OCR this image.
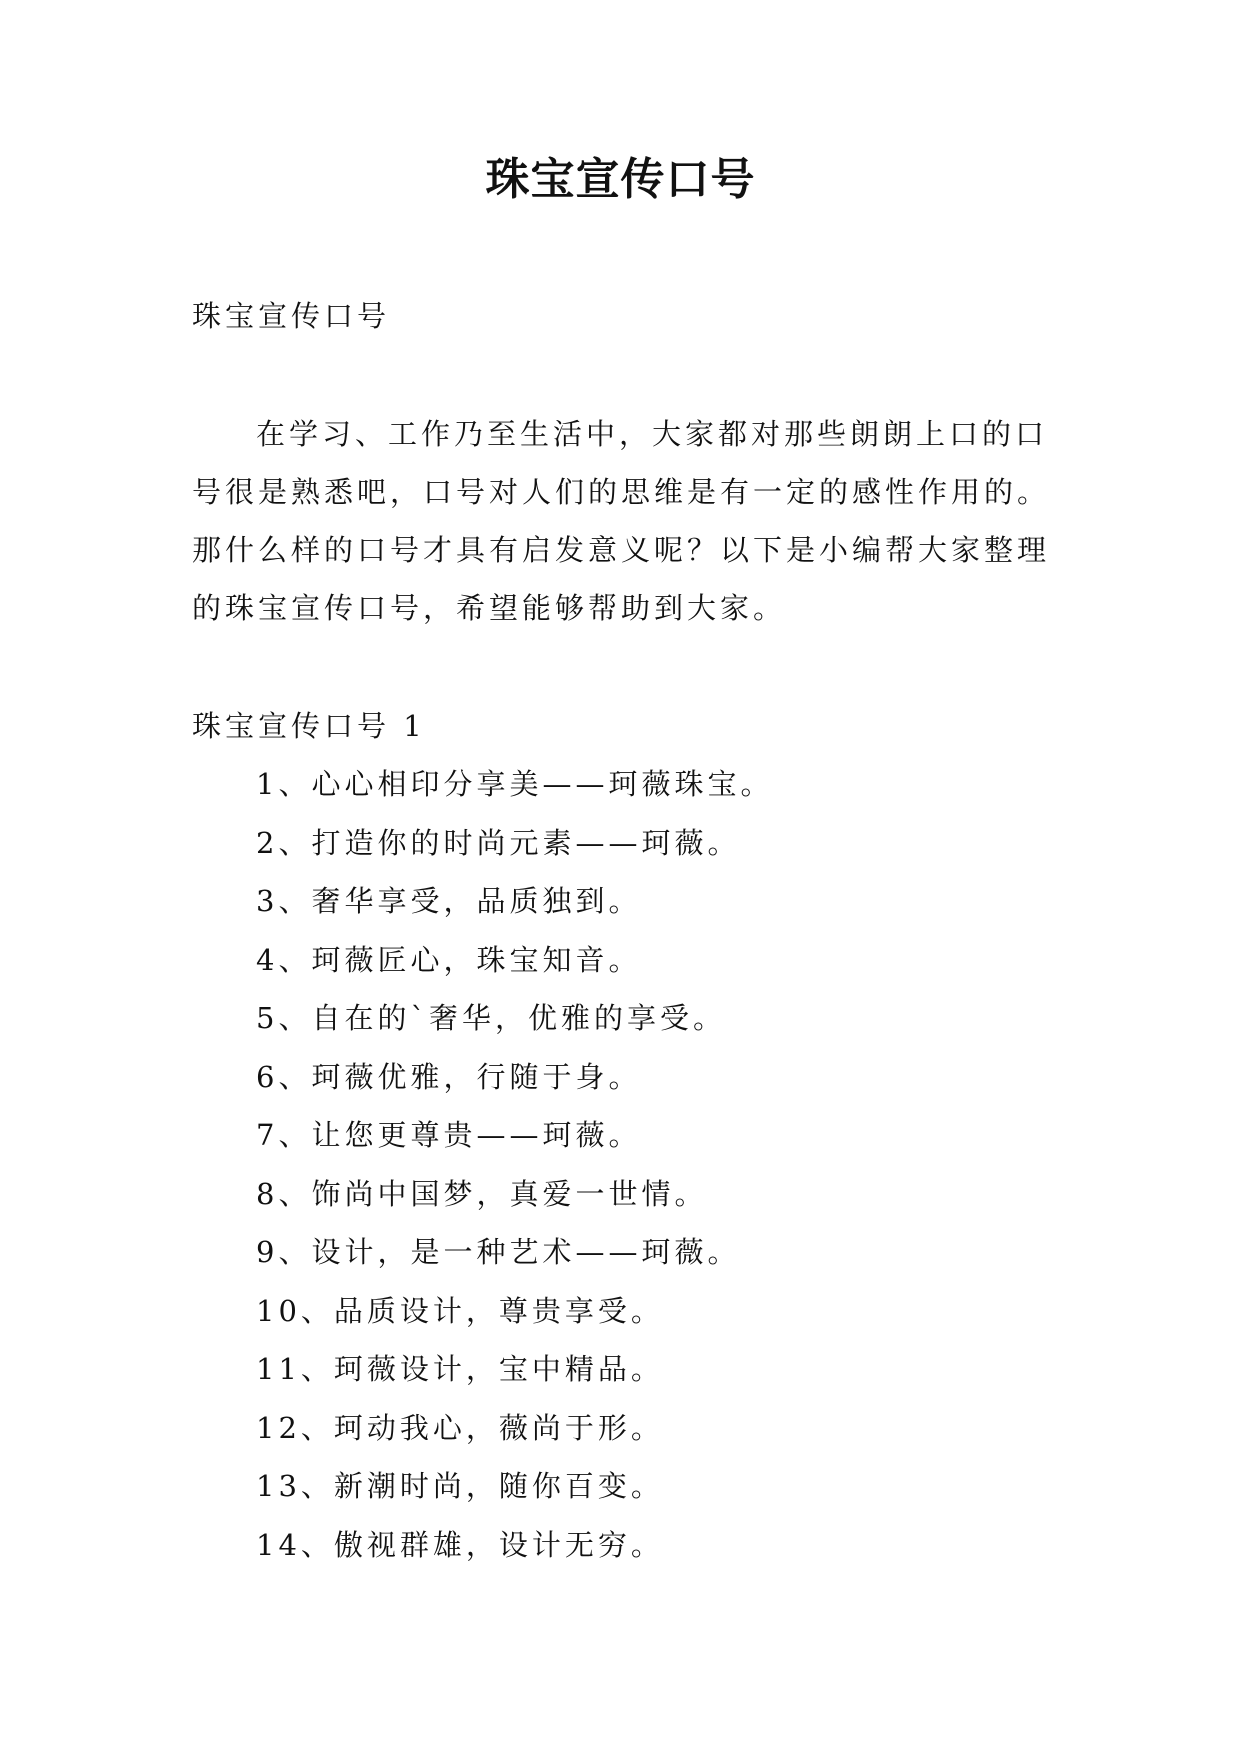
珠宝宣传口号

珠宝宣传口号

在学习、工作乃至生活中，大家都对那些朗朗上口的口号很是熟悉吧，口号对人们的思维是有一定的感性作用的。那什么样的口号才具有启发意义呢？以下是小编帮大家整理的珠宝宣传口号，希望能够帮助到大家。

珠宝宣传口号 1

1、心心相印分享美——珂薇珠宝。
2、打造你的时尚元素——珂薇。
3、奢华享受，品质独到。
4、珂薇匠心，珠宝知音。
5、自在的`奢华，优雅的享受。
6、珂薇优雅，行随于身。
7、让您更尊贵——珂薇。
8、饰尚中国梦，真爱一世情。
9、设计，是一种艺术——珂薇。
10、品质设计，尊贵享受。
11、珂薇设计，宝中精品。
12、珂动我心，薇尚于形。
13、新潮时尚，随你百变。
14、傲视群雄，设计无穷。
